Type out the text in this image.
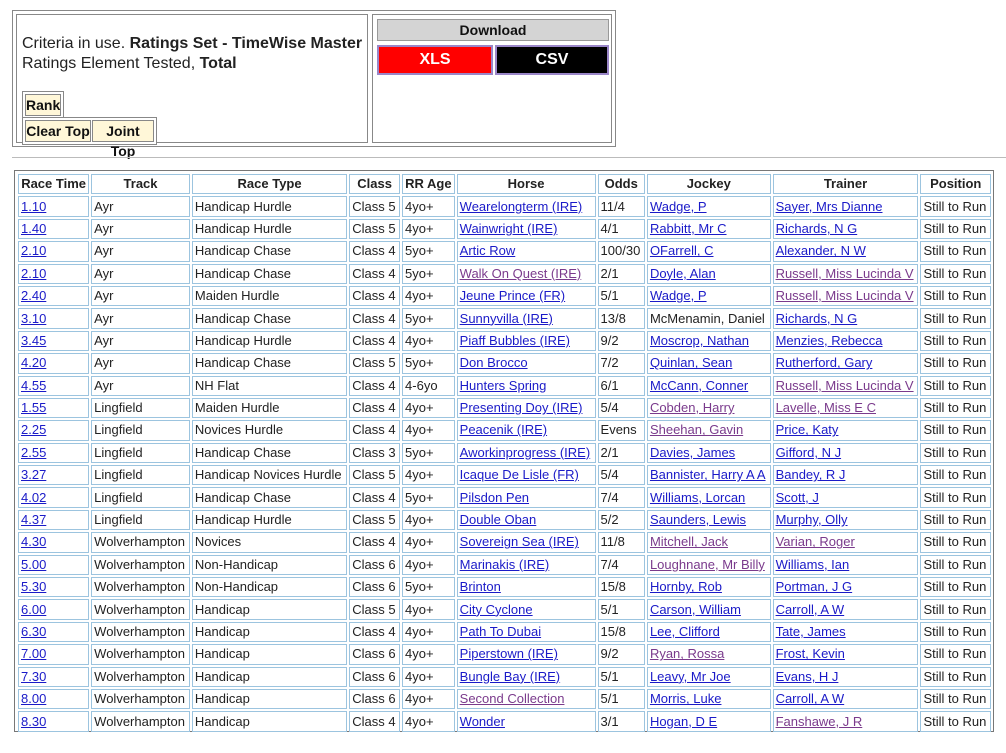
Criteria in use. Ratings Set - TimeWise Master
Ratings Element Tested, Total
Rank
Clear Top	Joint Top
Download
XLS	CSV
Race Time	Track	Race Type	Class	RR Age	Horse	Odds	Jockey	Trainer	Position
1.10	Ayr	Handicap Hurdle	Class 5	4yo+	Wearelongterm (IRE)	11/4	Wadge, P	Sayer, Mrs Dianne	Still to Run
1.40	Ayr	Handicap Hurdle	Class 5	4yo+	Wainwright (IRE)	4/1	Rabbitt, Mr C	Richards, N G	Still to Run
2.10	Ayr	Handicap Chase	Class 4	5yo+	Artic Row	100/30	OFarrell, C	Alexander, N W	Still to Run
2.10	Ayr	Handicap Chase	Class 4	5yo+	Walk On Quest (IRE)	2/1	Doyle, Alan	Russell, Miss Lucinda V	Still to Run
2.40	Ayr	Maiden Hurdle	Class 4	4yo+	Jeune Prince (FR)	5/1	Wadge, P	Russell, Miss Lucinda V	Still to Run
3.10	Ayr	Handicap Chase	Class 4	5yo+	Sunnyvilla (IRE)	13/8	McMenamin, Daniel	Richards, N G	Still to Run
3.45	Ayr	Handicap Hurdle	Class 4	4yo+	Piaff Bubbles (IRE)	9/2	Moscrop, Nathan	Menzies, Rebecca	Still to Run
4.20	Ayr	Handicap Chase	Class 5	5yo+	Don Brocco	7/2	Quinlan, Sean	Rutherford, Gary	Still to Run
4.55	Ayr	NH Flat	Class 4	4-6yo	Hunters Spring	6/1	McCann, Conner	Russell, Miss Lucinda V	Still to Run
1.55	Lingfield	Maiden Hurdle	Class 4	4yo+	Presenting Doy (IRE)	5/4	Cobden, Harry	Lavelle, Miss E C	Still to Run
2.25	Lingfield	Novices Hurdle	Class 4	4yo+	Peacenik (IRE)	Evens	Sheehan, Gavin	Price, Katy	Still to Run
2.55	Lingfield	Handicap Chase	Class 3	5yo+	Aworkinprogress (IRE)	2/1	Davies, James	Gifford, N J	Still to Run
3.27	Lingfield	Handicap Novices Hurdle	Class 5	4yo+	Icaque De Lisle (FR)	5/4	Bannister, Harry A A	Bandey, R J	Still to Run
4.02	Lingfield	Handicap Chase	Class 4	5yo+	Pilsdon Pen	7/4	Williams, Lorcan	Scott, J	Still to Run
4.37	Lingfield	Handicap Hurdle	Class 5	4yo+	Double Oban	5/2	Saunders, Lewis	Murphy, Olly	Still to Run
4.30	Wolverhampton	Novices	Class 4	4yo+	Sovereign Sea (IRE)	11/8	Mitchell, Jack	Varian, Roger	Still to Run
5.00	Wolverhampton	Non-Handicap	Class 6	4yo+	Marinakis (IRE)	7/4	Loughnane, Mr Billy	Williams, Ian	Still to Run
5.30	Wolverhampton	Non-Handicap	Class 6	5yo+	Brinton	15/8	Hornby, Rob	Portman, J G	Still to Run
6.00	Wolverhampton	Handicap	Class 5	4yo+	City Cyclone	5/1	Carson, William	Carroll, A W	Still to Run
6.30	Wolverhampton	Handicap	Class 4	4yo+	Path To Dubai	15/8	Lee, Clifford	Tate, James	Still to Run
7.00	Wolverhampton	Handicap	Class 6	4yo+	Piperstown (IRE)	9/2	Ryan, Rossa	Frost, Kevin	Still to Run
7.30	Wolverhampton	Handicap	Class 6	4yo+	Bungle Bay (IRE)	5/1	Leavy, Mr Joe	Evans, H J	Still to Run
8.00	Wolverhampton	Handicap	Class 6	4yo+	Second Collection	5/1	Morris, Luke	Carroll, A W	Still to Run
8.30	Wolverhampton	Handicap	Class 4	4yo+	Wonder	3/1	Hogan, D E	Fanshawe, J R	Still to Run
